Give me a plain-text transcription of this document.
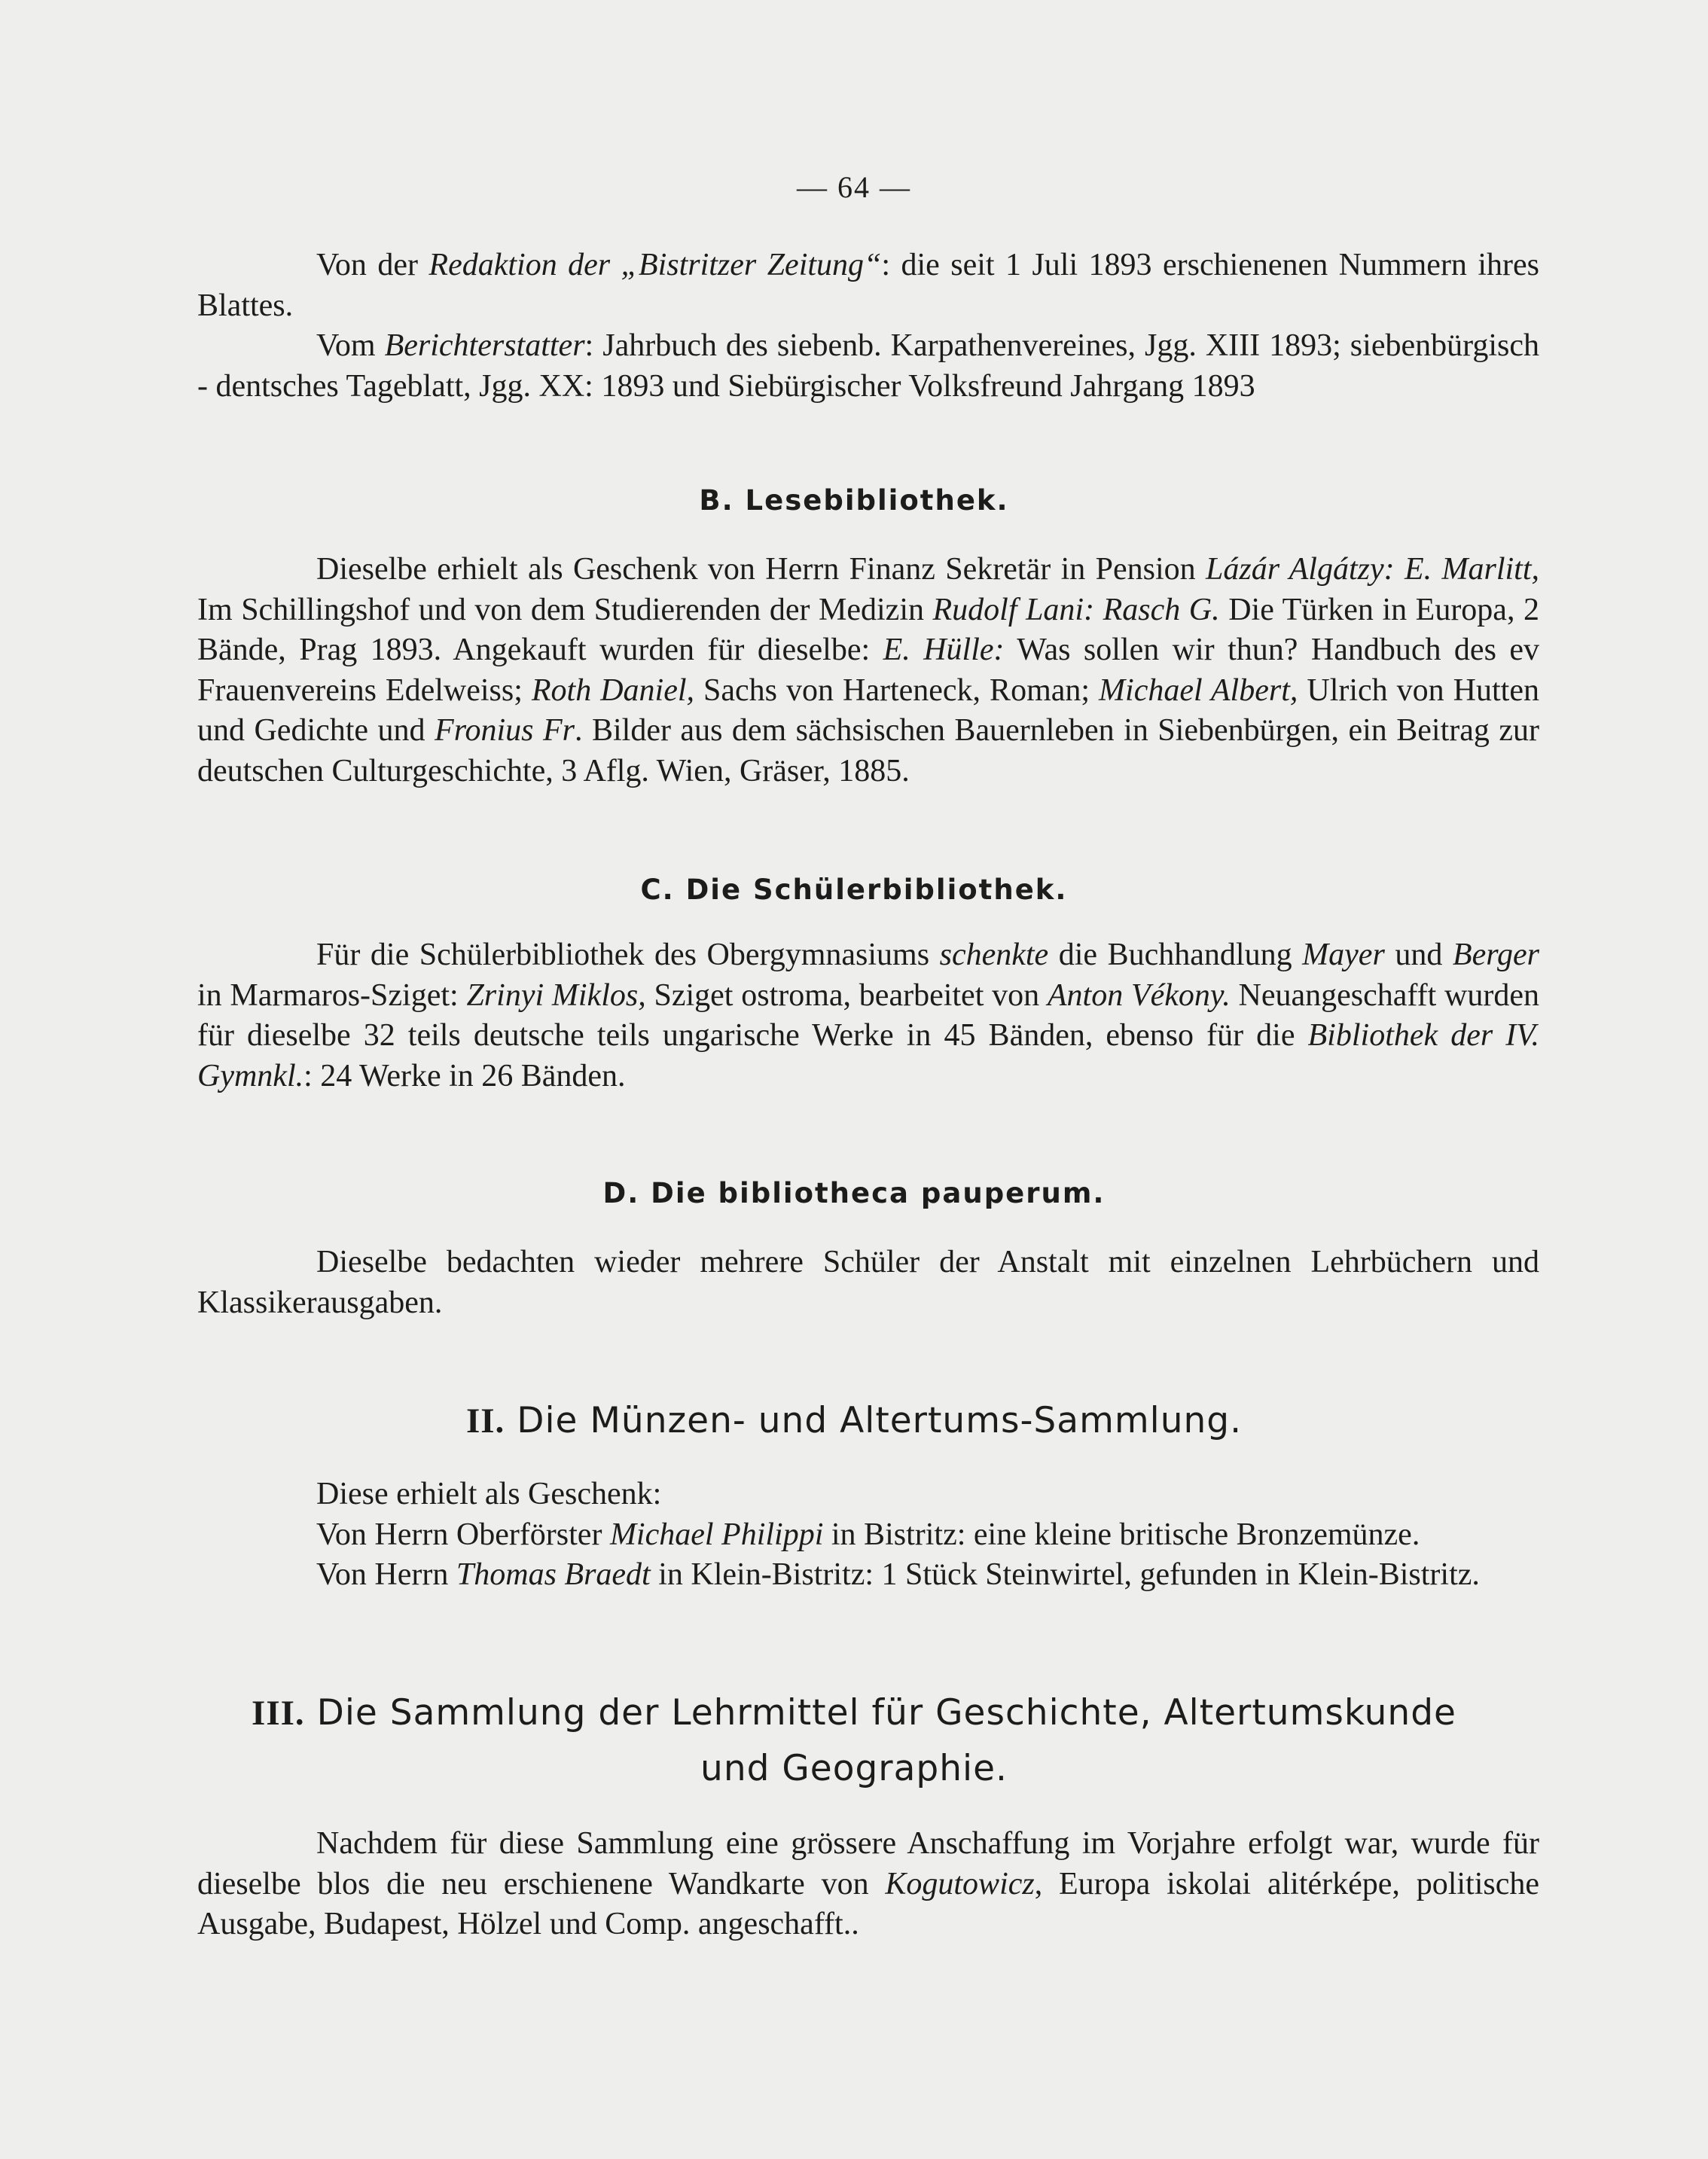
— 64 —

Von der Redaktion der „Bistritzer Zeitung“: die seit 1 Juli 1893 erschienenen Nummern ihres Blattes.

Vom Berichterstatter: Jahrbuch des siebenb. Karpathenvereines, Jgg. XIII 1893; siebenbürgisch - dentsches Tageblatt, Jgg. XX: 1893 und Siebürgischer Volksfreund Jahrgang 1893

B. Lesebibliothek.

Dieselbe erhielt als Geschenk von Herrn Finanz Sekretär in Pension Lázár Algátzy: E. Marlitt, Im Schillingshof und von dem Studierenden der Medizin Rudolf Lani: Rasch G. Die Türken in Europa, 2 Bände, Prag 1893. Angekauft wurden für dieselbe: E. Hülle: Was sollen wir thun? Handbuch des ev Frauenvereins Edelweiss; Roth Daniel, Sachs von Harteneck, Roman; Michael Albert, Ulrich von Hutten und Gedichte und Fronius Fr. Bilder aus dem sächsischen Bauernleben in Siebenbürgen, ein Beitrag zur deutschen Culturgeschichte, 3 Aflg. Wien, Gräser, 1885.

C. Die Schülerbibliothek.

Für die Schülerbibliothek des Obergymnasiums schenkte die Buchhandlung Mayer und Berger in Marmaros-Sziget: Zrinyi Miklos, Sziget ostroma, bearbeitet von Anton Vékony. Neuangeschafft wurden für dieselbe 32 teils deutsche teils ungarische Werke in 45 Bänden, ebenso für die Bibliothek der IV. Gymnkl.: 24 Werke in 26 Bänden.

D. Die bibliotheca pauperum.

Dieselbe bedachten wieder mehrere Schüler der Anstalt mit einzelnen Lehrbüchern und Klassikerausgaben.

II. Die Münzen- und Altertums-Sammlung.

Diese erhielt als Geschenk:

Von Herrn Oberförster Michael Philippi in Bistritz: eine kleine britische Bronzemünze.

Von Herrn Thomas Braedt in Klein-Bistritz: 1 Stück Steinwirtel, gefunden in Klein-Bistritz.

III. Die Sammlung der Lehrmittel für Geschichte, Altertumskunde
und Geographie.

Nachdem für diese Sammlung eine grössere Anschaffung im Vorjahre erfolgt war, wurde für dieselbe blos die neu erschienene Wandkarte von Kogutowicz, Europa iskolai alitérképe, politische Ausgabe, Budapest, Hölzel und Comp. angeschafft..
